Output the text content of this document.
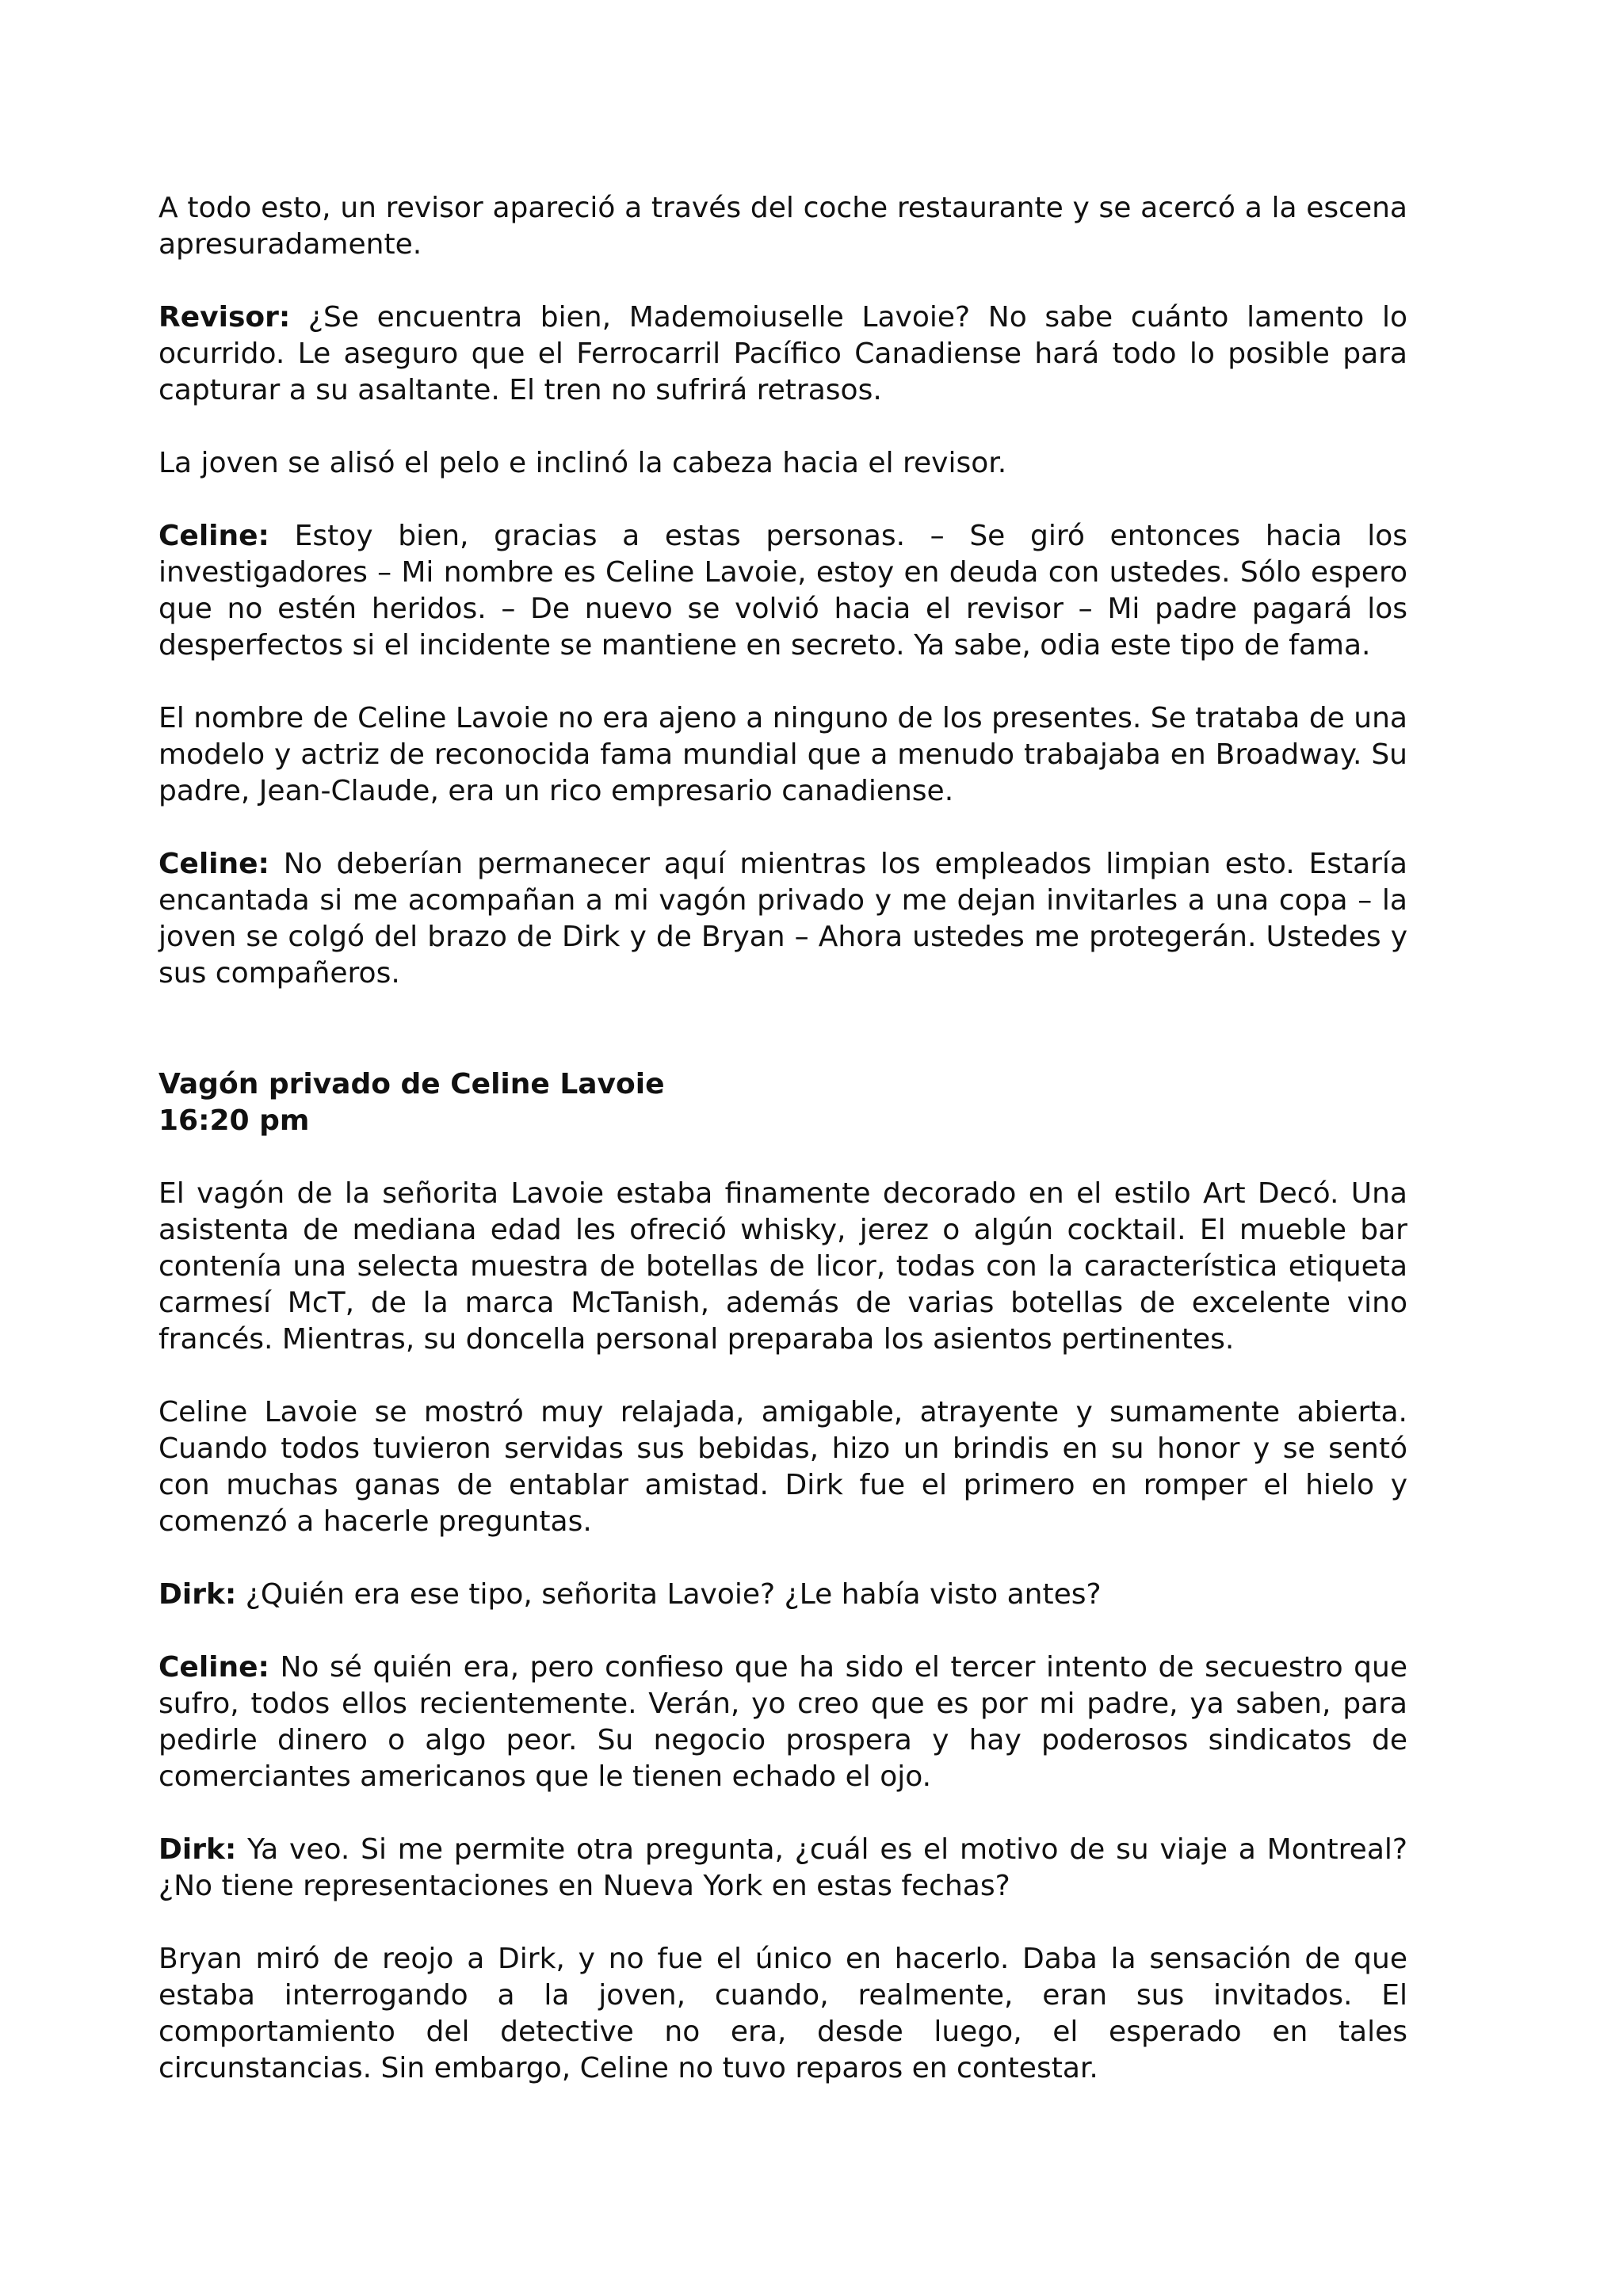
A todo esto, un revisor apareció a través del coche restaurante y se acercó a la escena apresuradamente.

Revisor: ¿Se encuentra bien, Mademoiuselle Lavoie? No sabe cuánto lamento lo ocurrido. Le aseguro que el Ferrocarril Pacífico Canadiense hará todo lo posible para capturar a su asaltante. El tren no sufrirá retrasos.

La joven se alisó el pelo e inclinó la cabeza hacia el revisor.

Celine: Estoy bien, gracias a estas personas. – Se giró entonces hacia los investigadores – Mi nombre es Celine Lavoie, estoy en deuda con ustedes. Sólo espero que no estén heridos. – De nuevo se volvió hacia el revisor – Mi padre pagará los desperfectos si el incidente se mantiene en secreto. Ya sabe, odia este tipo de fama.

El nombre de Celine Lavoie no era ajeno a ninguno de los presentes. Se trataba de una modelo y actriz de reconocida fama mundial que a menudo trabajaba en Broadway. Su padre, Jean-Claude, era un rico empresario canadiense.

Celine: No deberían permanecer aquí mientras los empleados limpian esto. Estaría encantada si me acompañan a mi vagón privado y me dejan invitarles a una copa – la joven se colgó del brazo de Dirk y de Bryan – Ahora ustedes me protegerán. Ustedes y sus compañeros.

Vagón privado de Celine Lavoie
16:20 pm

El vagón de la señorita Lavoie estaba finamente decorado en el estilo Art Decó. Una asistenta de mediana edad les ofreció whisky, jerez o algún cocktail. El mueble bar contenía una selecta muestra de botellas de licor, todas con la característica etiqueta carmesí McT, de la marca McTanish, además de varias botellas de excelente vino francés. Mientras, su doncella personal preparaba los asientos pertinentes.

Celine Lavoie se mostró muy relajada, amigable, atrayente y sumamente abierta. Cuando todos tuvieron servidas sus bebidas, hizo un brindis en su honor y se sentó con muchas ganas de entablar amistad. Dirk fue el primero en romper el hielo y comenzó a hacerle preguntas.

Dirk: ¿Quién era ese tipo, señorita Lavoie? ¿Le había visto antes?

Celine: No sé quién era, pero confieso que ha sido el tercer intento de secuestro que sufro, todos ellos recientemente. Verán, yo creo que es por mi padre, ya saben, para pedirle dinero o algo peor. Su negocio prospera y hay poderosos sindicatos de comerciantes americanos que le tienen echado el ojo.

Dirk: Ya veo. Si me permite otra pregunta, ¿cuál es el motivo de su viaje a Montreal? ¿No tiene representaciones en Nueva York en estas fechas?

Bryan miró de reojo a Dirk, y no fue el único en hacerlo. Daba la sensación de que estaba interrogando a la joven, cuando, realmente, eran sus invitados. El comportamiento del detective no era, desde luego, el esperado en tales circunstancias. Sin embargo, Celine no tuvo reparos en contestar.
